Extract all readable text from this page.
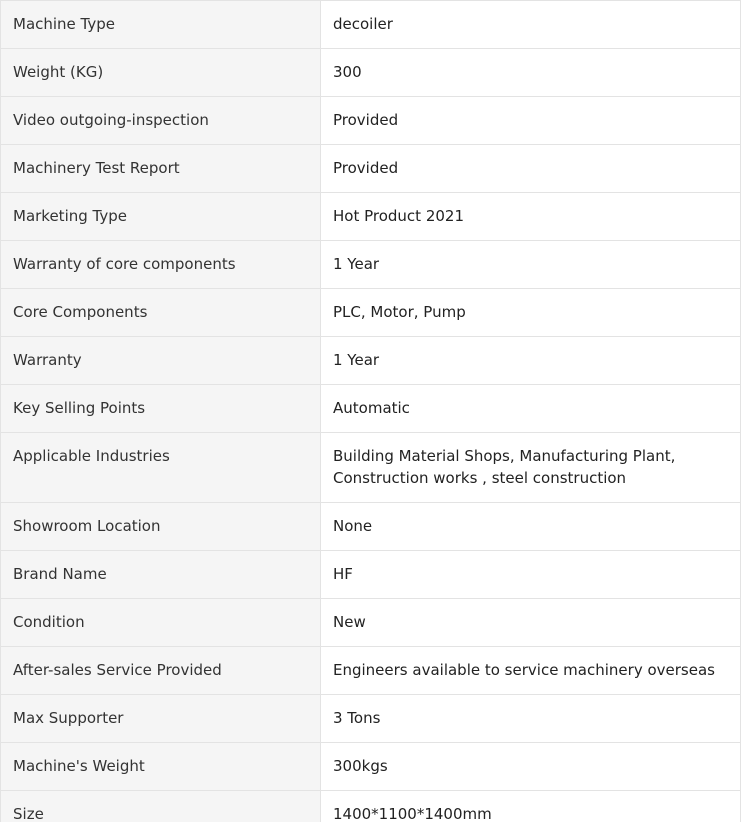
Machine Type	decoiler
Weight (KG)	300
Video outgoing-inspection	Provided
Machinery Test Report	Provided
Marketing Type	Hot Product 2021
Warranty of core components	1 Year
Core Components	PLC, Motor, Pump
Warranty	1 Year
Key Selling Points	Automatic
Applicable Industries	Building Material Shops, Manufacturing Plant, Construction works , steel construction
Showroom Location	None
Brand Name	HF
Condition	New
After-sales Service Provided	Engineers available to service machinery overseas
Max Supporter	3 Tons
Machine's Weight	300kgs
Size	1400*1100*1400mm
